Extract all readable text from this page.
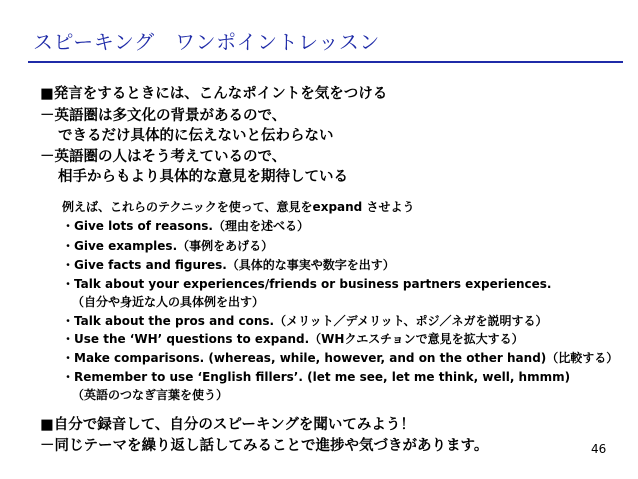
スピーキング　ワンポイントレッスン
■発言をするときには、こんなポイントを気をつける
－英語圏は多文化の背景があるので、
できるだけ具体的に伝えないと伝わらない
－英語圏の人はそう考えているので、
相手からもより具体的な意見を期待している
例えば、これらのテクニックを使って、意見をexpand させよう
・Give lots of reasons.（理由を述べる）
・Give examples.（事例をあげる）
・Give facts and figures.（具体的な事実や数字を出す）
・Talk about your experiences/friends or business partners experiences.
（自分や身近な人の具体例を出す）
・Talk about the pros and cons.（メリット／デメリット、ポジ／ネガを説明する）
・Use the ‘WH’ questions to expand.（WHクエスチョンで意見を拡大する）
・Make comparisons. (whereas, while, however, and on the other hand)（比較する）
・Remember to use ‘English fillers’. (let me see, let me think, well, hmmm)
（英語のつなぎ言葉を使う）
■自分で録音して、自分のスピーキングを聞いてみよう！
－同じテーマを繰り返し話してみることで進捗や気づきがあります。	46
